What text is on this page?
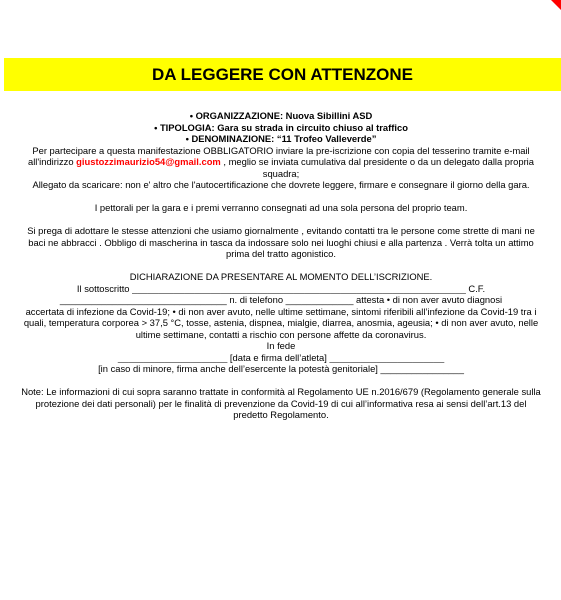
DA LEGGERE CON ATTENZONE

• ORGANIZZAZIONE: Nuova Sibillini ASD

• TIPOLOGIA: Gara su strada in circuito chiuso al traffico

• DENOMINAZIONE: “11 Trofeo Valleverde”

Per partecipare a questa manifestazione OBBLIGATORIO inviare la pre-iscrizione con copia del tesserino tramite e-mail

all'indirizzo giustozzimaurizio54@gmail.com , meglio se inviata cumulativa dal presidente o da un delegato dalla propria

squadra;

Allegato da scaricare: non e' altro che l'autocertificazione che dovrete leggere, firmare e consegnare il giorno della gara.

I pettorali per la gara e i premi verranno consegnati ad una sola persona del proprio team.

Si prega di adottare le stesse attenzioni che usiamo giornalmente , evitando contatti tra le persone come strette di mani ne

baci ne abbracci . Obbligo di mascherina in tasca da indossare solo nei luoghi chiusi e alla partenza . Verrà tolta un attimo

prima del tratto agonistico.

DICHIARAZIONE DA PRESENTARE AL MOMENTO DELL’ISCRIZIONE.

Il sottoscritto ________________________________________________________________ C.F.

________________________________ n. di telefono _____________ attesta • di non aver avuto diagnosi

accertata di infezione da Covid-19; • di non aver avuto, nelle ultime settimane, sintomi riferibili all’infezione da Covid-19 tra i

quali, temperatura corporea > 37,5 °C, tosse, astenia, dispnea, mialgie, diarrea, anosmia, ageusia; • di non aver avuto, nelle

ultime settimane, contatti a rischio con persone affette da coronavirus.

In fede

_____________________ [data e firma dell’atleta] ______________________

[in caso di minore, firma anche dell’esercente la potestà genitoriale] ________________

Note: Le informazioni di cui sopra saranno trattate in conformità al Regolamento UE n.2016/679 (Regolamento generale sulla

protezione dei dati personali) per le finalità di prevenzione da Covid-19 di cui all’informativa resa ai sensi dell’art.13 del

predetto Regolamento.
